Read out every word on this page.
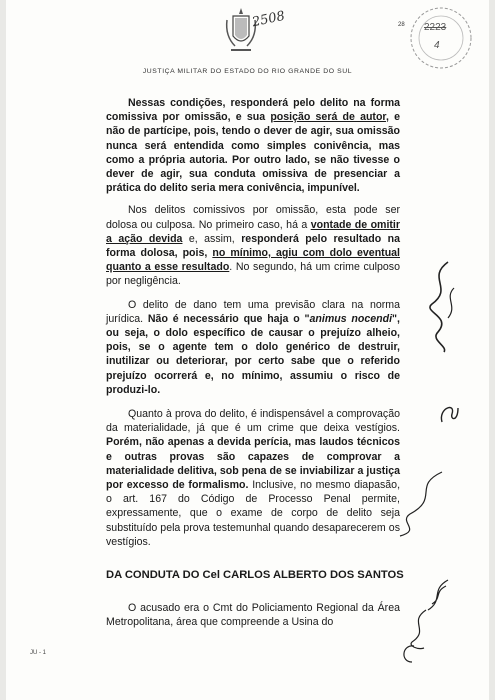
2508	28 2223
4
JUSTIÇA MILITAR DO ESTADO DO RIO GRANDE DO SUL

Nessas condições, responderá pelo delito na forma comissiva por omissão, e sua posição será de autor, e não de partícipe, pois, tendo o dever de agir, sua omissão nunca será entendida como simples conivência, mas como a própria autoria. Por outro lado, se não tivesse o dever de agir, sua conduta omissiva de presenciar a prática do delito seria mera conivência, impunível.

Nos delitos comissivos por omissão, esta pode ser dolosa ou culposa. No primeiro caso, há a vontade de omitir a ação devida e, assim, responderá pelo resultado na forma dolosa, pois, no mínimo, agiu com dolo eventual quanto a esse resultado. No segundo, há um crime culposo por negligência.

O delito de dano tem uma previsão clara na norma jurídica. Não é necessário que haja o "animus nocendi", ou seja, o dolo específico de causar o prejuízo alheio, pois, se o agente tem o dolo genérico de destruir, inutilizar ou deteriorar, por certo sabe que o referido prejuízo ocorrerá e, no mínimo, assumiu o risco de produzi-lo.

Quanto à prova do delito, é indispensável a comprovação da materialidade, já que é um crime que deixa vestígios. Porém, não apenas a devida perícia, mas laudos técnicos e outras provas são capazes de comprovar a materialidade delitiva, sob pena de se inviabilizar a justiça por excesso de formalismo. Inclusive, no mesmo diapasão, o art. 167 do Código de Processo Penal permite, expressamente, que o exame de corpo de delito seja substituído pela prova testemunhal quando desaparecerem os vestígios.

DA CONDUTA DO Cel CARLOS ALBERTO DOS SANTOS

O acusado era o Cmt do Policiamento Regional da Área Metropolitana, área que compreende a Usina do

JU - 1
